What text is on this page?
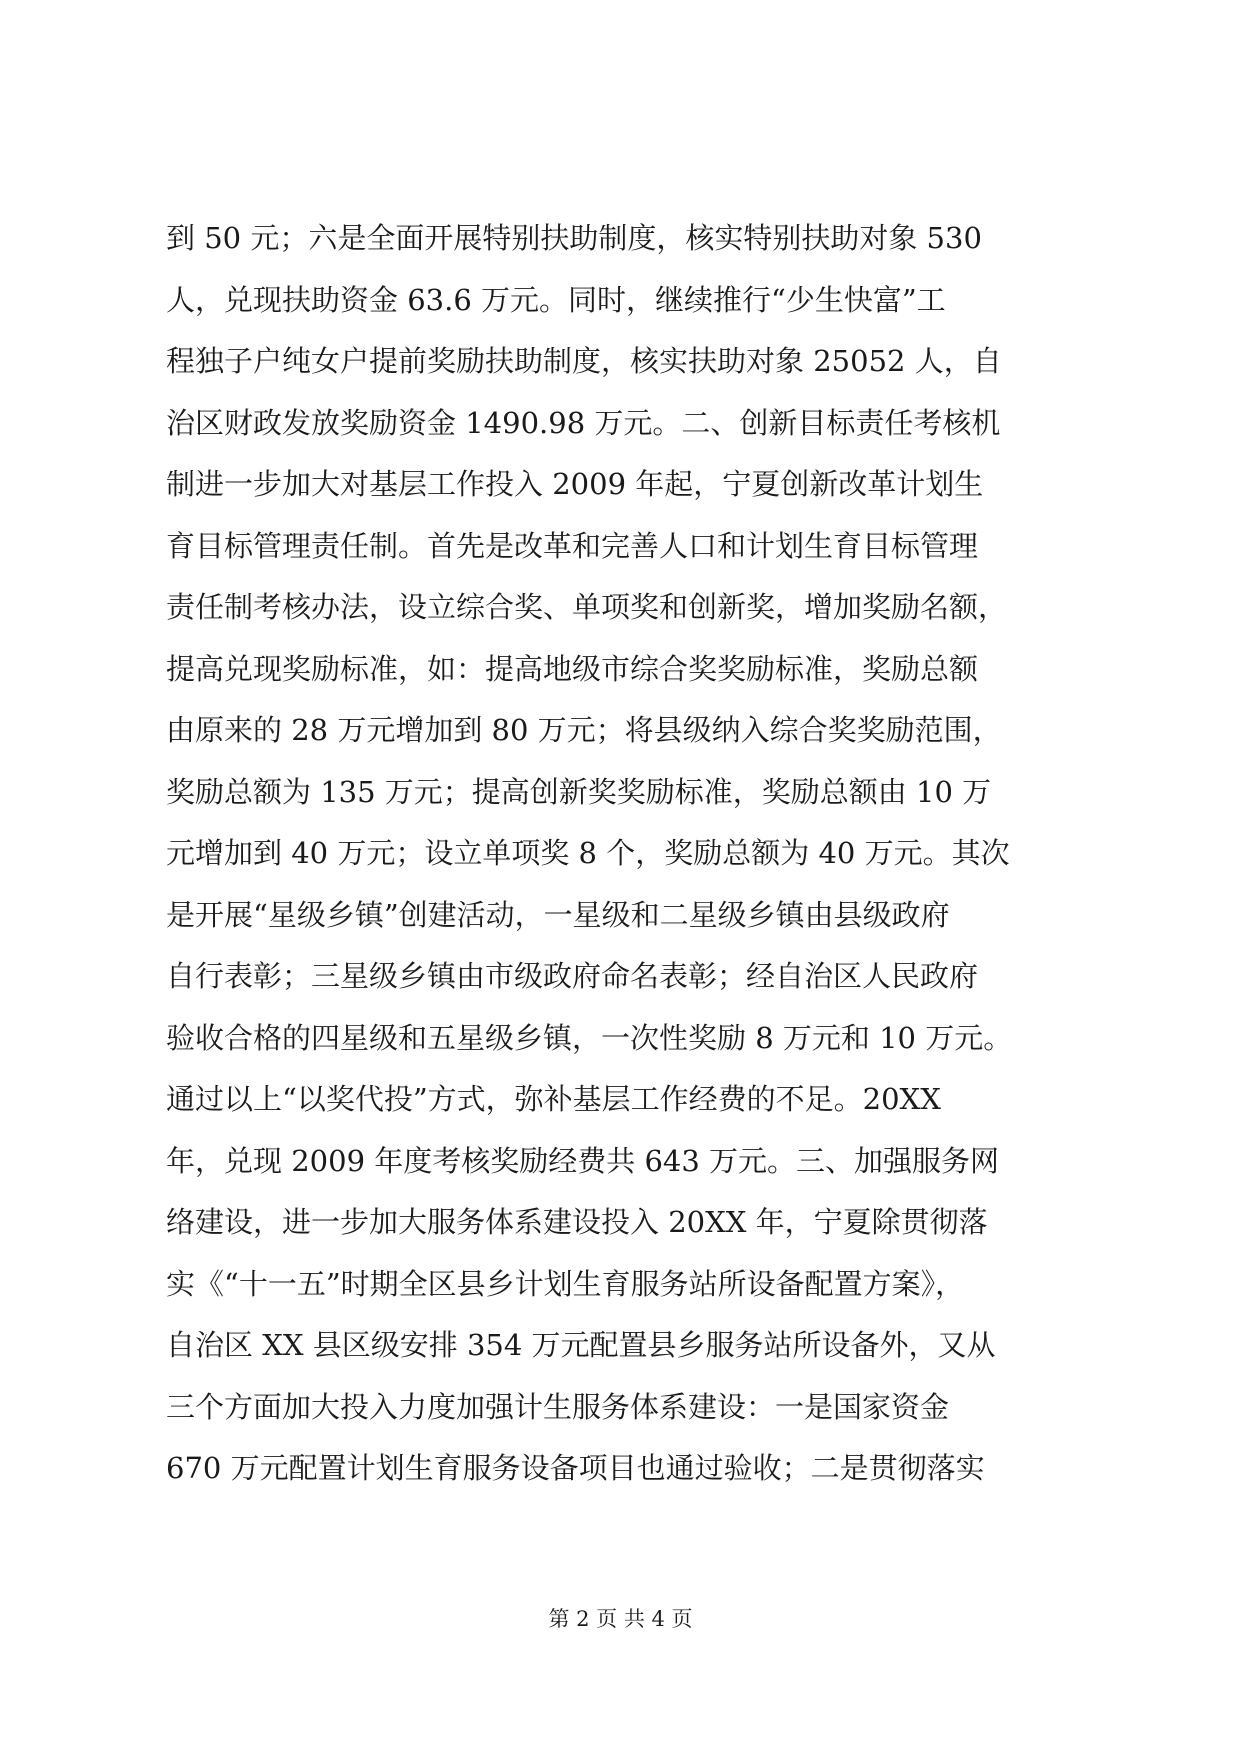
到 50 元；六是全面开展特别扶助制度，核实特别扶助对象 530
人，兑现扶助资金 63.6 万元。同时，继续推行“少生快富”工
程独子户纯女户提前奖励扶助制度，核实扶助对象 25052 人，自
治区财政发放奖励资金 1490.98 万元。二、创新目标责任考核机
制进一步加大对基层工作投入 2009 年起，宁夏创新改革计划生
育目标管理责任制。首先是改革和完善人口和计划生育目标管理
责任制考核办法，设立综合奖、单项奖和创新奖，增加奖励名额，
提高兑现奖励标准，如：提高地级市综合奖奖励标准，奖励总额
由原来的 28 万元增加到 80 万元；将县级纳入综合奖奖励范围，
奖励总额为 135 万元；提高创新奖奖励标准，奖励总额由 10 万
元增加到 40 万元；设立单项奖 8 个，奖励总额为 40 万元。其次
是开展“星级乡镇”创建活动，一星级和二星级乡镇由县级政府
自行表彰；三星级乡镇由市级政府命名表彰；经自治区人民政府
验收合格的四星级和五星级乡镇，一次性奖励 8 万元和 10 万元。
通过以上“以奖代投”方式，弥补基层工作经费的不足。20XX
年，兑现 2009 年度考核奖励经费共 643 万元。三、加强服务网
络建设，进一步加大服务体系建设投入 20XX 年，宁夏除贯彻落
实《“十一五”时期全区县乡计划生育服务站所设备配置方案》，
自治区 XX 县区级安排 354 万元配置县乡服务站所设备外，又从
三个方面加大投入力度加强计生服务体系建设：一是国家资金
670 万元配置计划生育服务设备项目也通过验收；二是贯彻落实
第 2 页 共 4 页
